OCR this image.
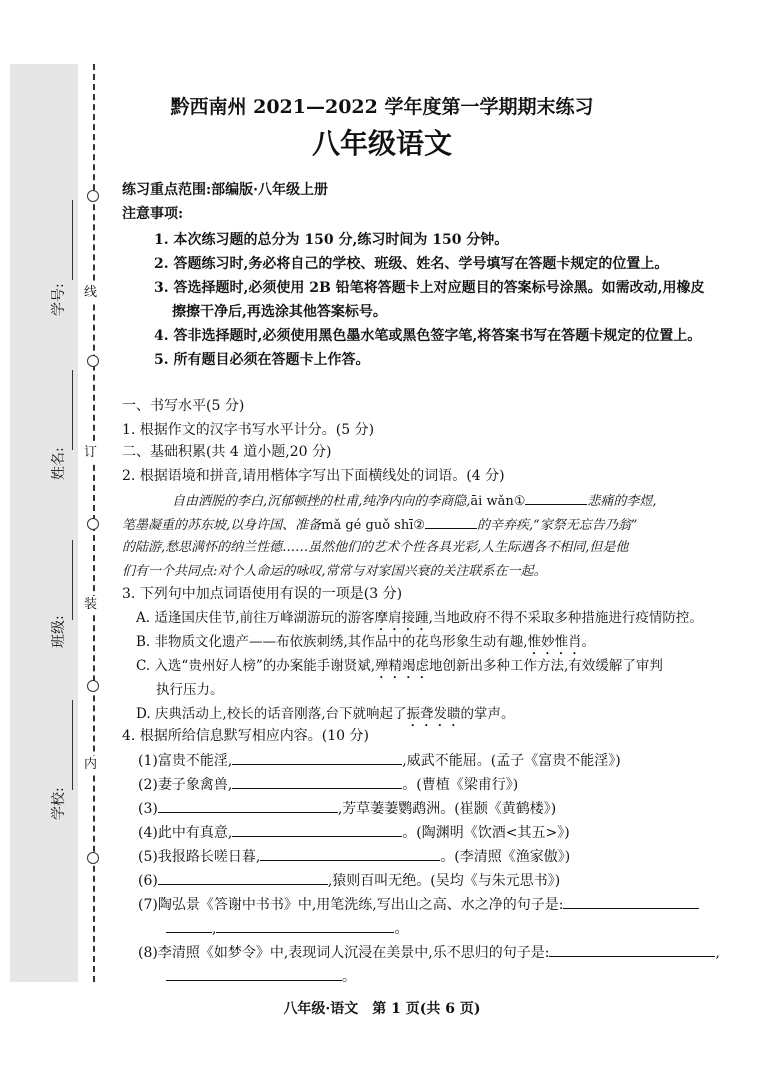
线
订
装
内
学号:
姓名:
班级:
学校:
黔西南州 2021—2022 学年度第一学期期末练习
八年级语文
练习重点范围:部编版·八年级上册
注意事项:
1. 本次练习题的总分为 150 分,练习时间为 150 分钟。
2. 答题练习时,务必将自己的学校、班级、姓名、学号填写在答题卡规定的位置上。
3. 答选择题时,必须使用 2B 铅笔将答题卡上对应题目的答案标号涂黑。如需改动,用橡皮
擦擦干净后,再选涂其他答案标号。
4. 答非选择题时,必须使用黑色墨水笔或黑色签字笔,将答案书写在答题卡规定的位置上。
5. 所有题目必须在答题卡上作答。
一、书写水平(5 分)
1. 根据作文的汉字书写水平计分。(5 分)
二、基础积累(共 4 道小题,20 分)
2. 根据语境和拼音,请用楷体字写出下面横线处的词语。(4 分)
自由洒脱的李白,沉郁顿挫的杜甫,纯净内向的李商隐,āi wǎn①	悲痛的李煜,
笔墨凝重的苏东坡,以身许国、准备mǎ gé guǒ shī②	的辛弃疾,“家祭无忘告乃翁”
的陆游,愁思满怀的纳兰性德……虽然他们的艺术个性各具光彩,人生际遇各不相同,但是他
们有一个共同点:对个人命运的咏叹,常常与对家国兴衰的关注联系在一起。
3. 下列句中加点词语使用有误的一项是(3 分)
A. 适逢国庆佳节,前往万峰湖游玩的游客摩肩接踵,当地政府不得不采取多种措施进行疫情防控。
B. 非物质文化遗产——布依族刺绣,其作品中的花鸟形象生动有趣,惟妙惟肖。
C. 入选“贵州好人榜”的办案能手谢贤斌,殚精竭虑地创新出多种工作方法,有效缓解了审判
执行压力。
D. 庆典活动上,校长的话音刚落,台下就响起了振聋发聩的掌声。
4. 根据所给信息默写相应内容。(10 分)
(1)富贵不能淫,	,威武不能屈。(孟子《富贵不能淫》)
(2)妻子象禽兽,	。(曹植《梁甫行》)
(3)	,芳草萋萋鹦鹉洲。(崔颢《黄鹤楼》)
(4)此中有真意,	。(陶渊明《饮酒<其五>》)
(5)我报路长嗟日暮,	。(李清照《渔家傲》)
(6)	,猿则百叫无绝。(吴均《与朱元思书》)
(7)陶弘景《答谢中书书》中,用笔洗练,写出山之高、水之净的句子是:
,	。
(8)李清照《如梦令》中,表现词人沉浸在美景中,乐不思归的句子是:	,
。
八年级·语文　第 1 页(共 6 页)
